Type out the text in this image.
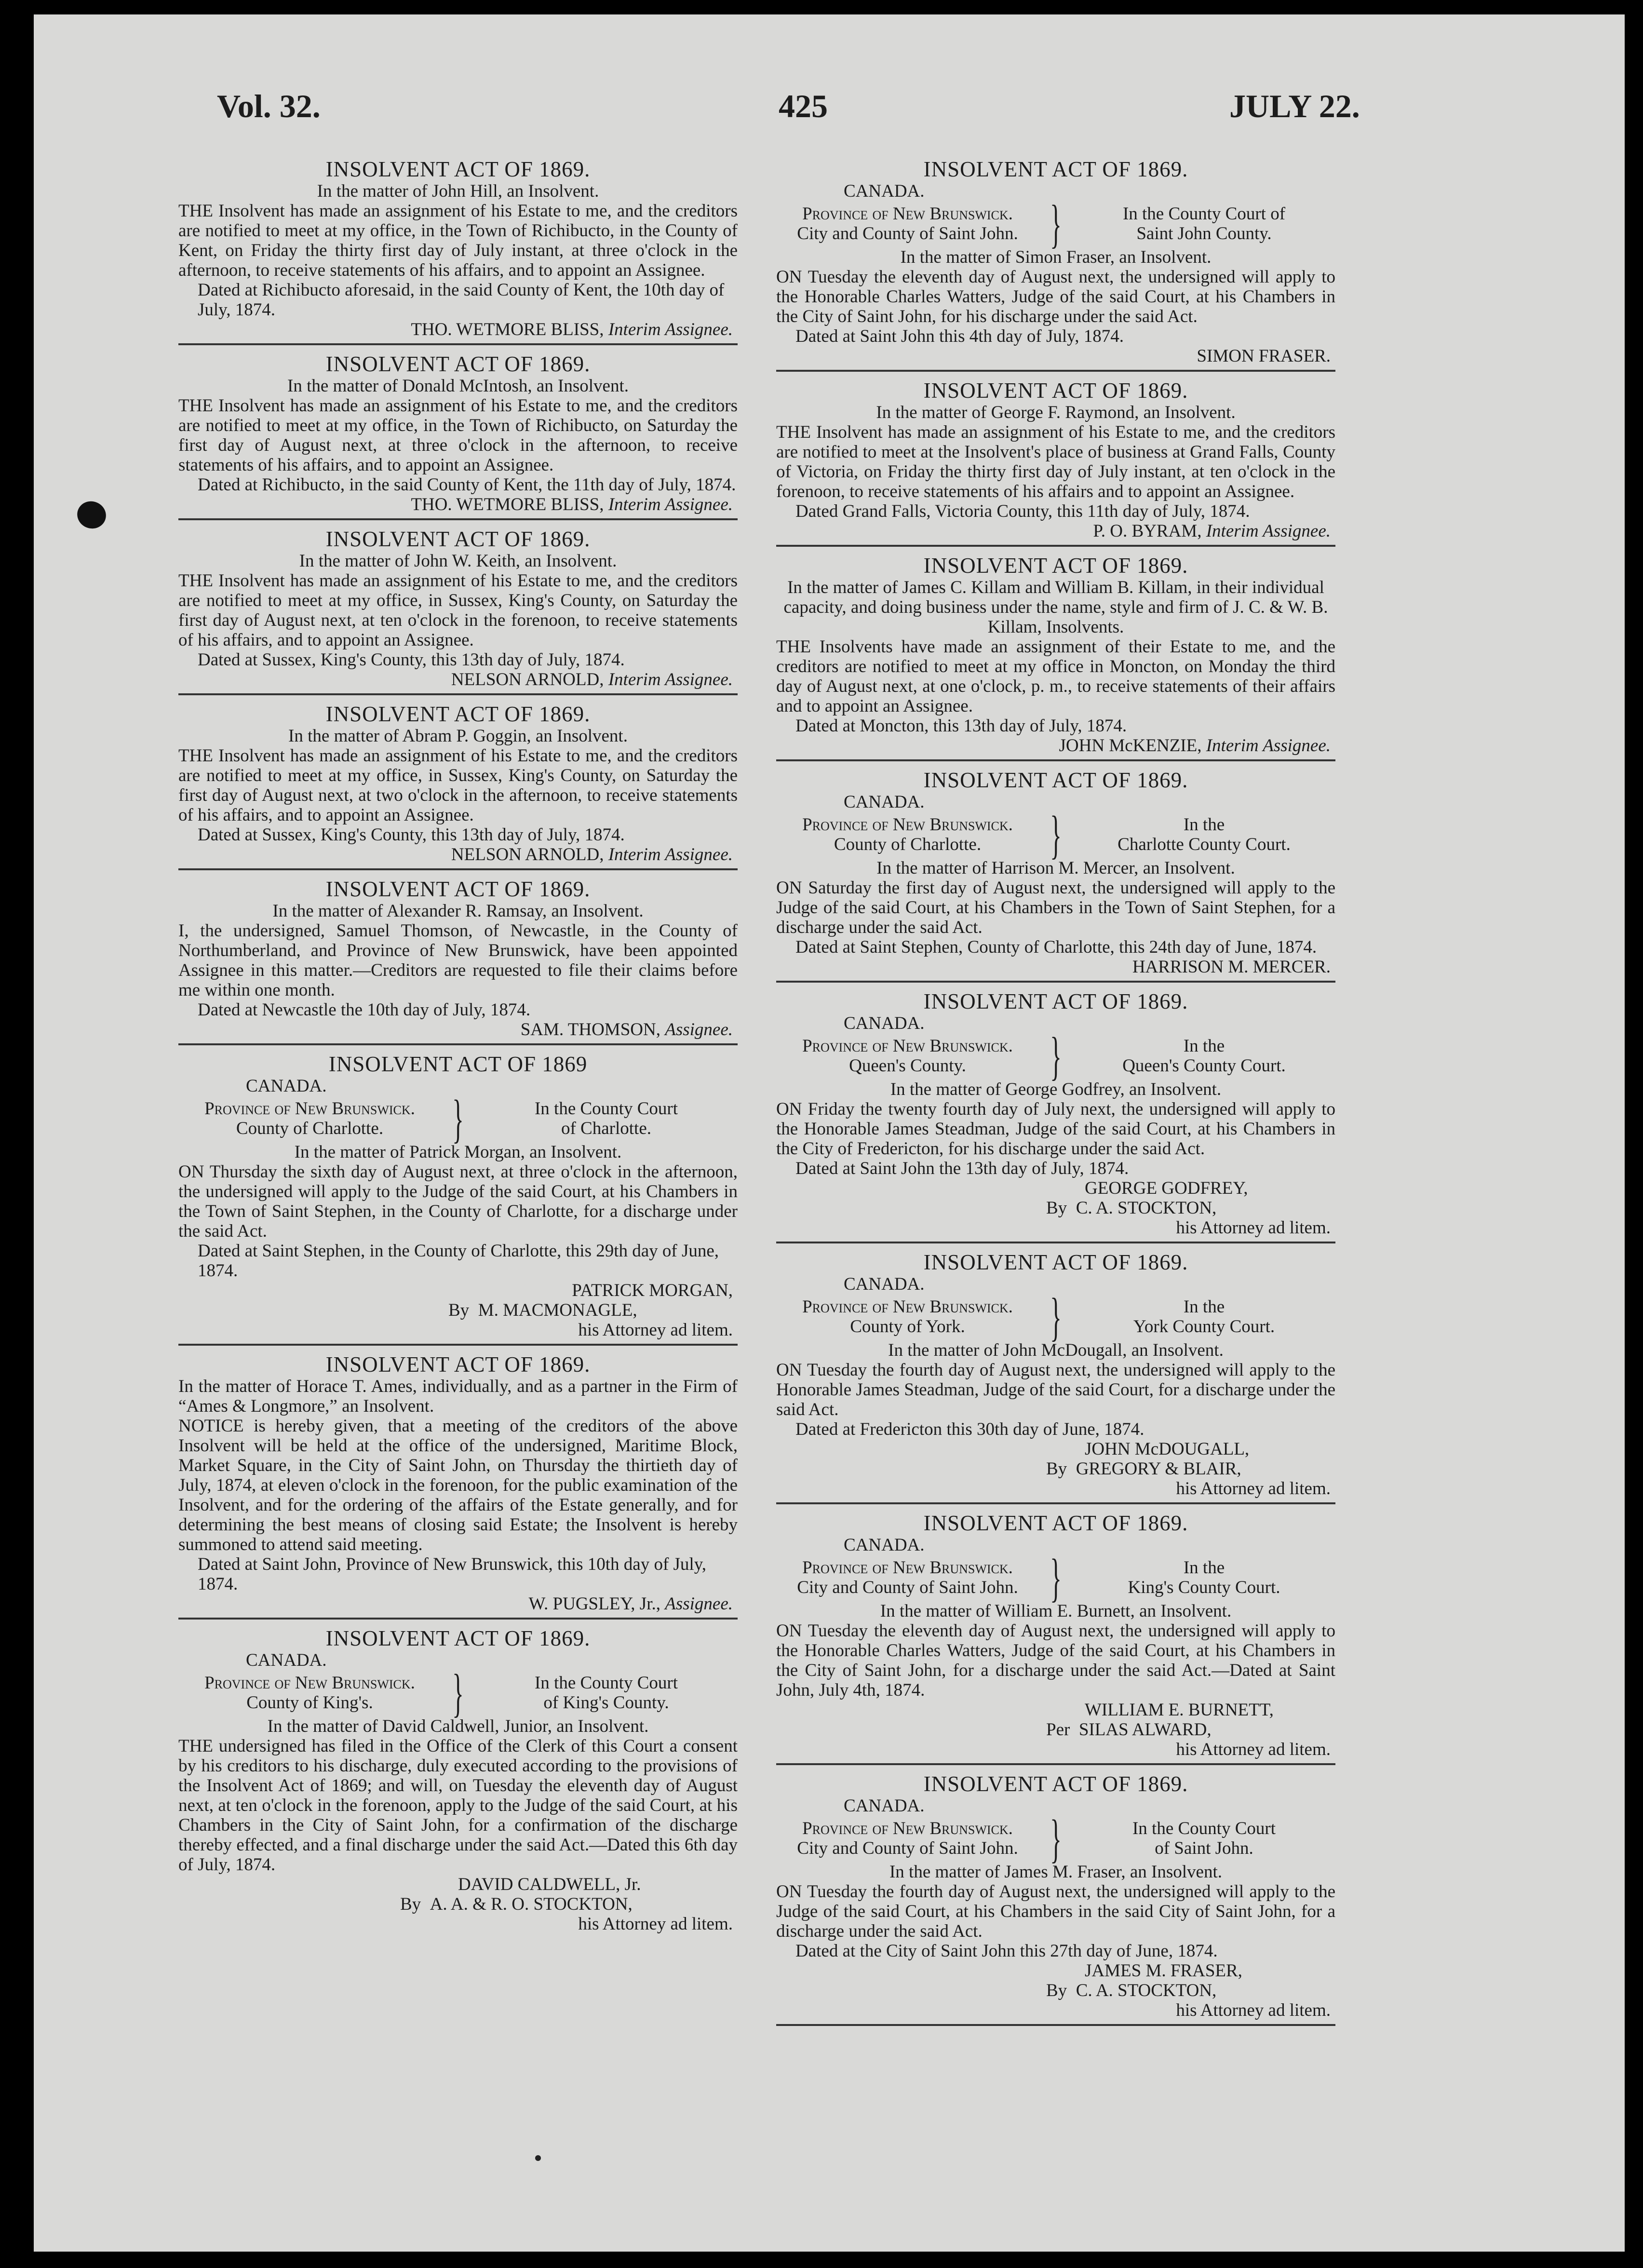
Vol. 32.	425	JULY 22.
INSOLVENT ACT OF 1869.
In the matter of John Hill, an Insolvent.
THE Insolvent has made an assignment of his Estate to me, and the creditors are notified to meet at my office, in the Town of Richibucto, in the County of Kent, on Friday the thirty first day of July instant, at three o'clock in the afternoon, to receive statements of his affairs, and to appoint an Assignee.
Dated at Richibucto aforesaid, in the said County of Kent, the 10th day of July, 1874.
THO. WETMORE BLISS, Interim Assignee.
INSOLVENT ACT OF 1869.
In the matter of Donald McIntosh, an Insolvent.
THE Insolvent has made an assignment of his Estate to me, and the creditors are notified to meet at my office, in the Town of Richibucto, on Saturday the first day of August next, at three o'clock in the afternoon, to receive statements of his affairs, and to appoint an Assignee.
Dated at Richibucto, in the said County of Kent, the 11th day of July, 1874.
THO. WETMORE BLISS, Interim Assignee.
INSOLVENT ACT OF 1869.
In the matter of John W. Keith, an Insolvent.
THE Insolvent has made an assignment of his Estate to me, and the creditors are notified to meet at my office, in Sussex, King's County, on Saturday the first day of August next, at ten o'clock in the forenoon, to receive statements of his affairs, and to appoint an Assignee.
Dated at Sussex, King's County, this 13th day of July, 1874.
NELSON ARNOLD, Interim Assignee.
INSOLVENT ACT OF 1869.
In the matter of Abram P. Goggin, an Insolvent.
THE Insolvent has made an assignment of his Estate to me, and the creditors are notified to meet at my office, in Sussex, King's County, on Saturday the first day of August next, at two o'clock in the afternoon, to receive statements of his affairs, and to appoint an Assignee.
Dated at Sussex, King's County, this 13th day of July, 1874.
NELSON ARNOLD, Interim Assignee.
INSOLVENT ACT OF 1869.
In the matter of Alexander R. Ramsay, an Insolvent.
I, the undersigned, Samuel Thomson, of Newcastle, in the County of Northumberland, and Province of New Brunswick, have been appointed Assignee in this matter.—Creditors are requested to file their claims before me within one month.
Dated at Newcastle the 10th day of July, 1874.
SAM. THOMSON, Assignee.
INSOLVENT ACT OF 1869
CANADA.
Province of New Brunswick.
County of Charlotte.	}	In the County Court
of Charlotte.
In the matter of Patrick Morgan, an Insolvent.
ON Thursday the sixth day of August next, at three o'clock in the afternoon, the undersigned will apply to the Judge of the said Court, at his Chambers in the Town of Saint Stephen, in the County of Charlotte, for a discharge under the said Act.
Dated at Saint Stephen, in the County of Charlotte, this 29th day of June, 1874.
PATRICK MORGAN,
By M. MACMONAGLE,
his Attorney ad litem.
INSOLVENT ACT OF 1869.
In the matter of Horace T. Ames, individually, and as a partner in the Firm of “Ames & Longmore,” an Insolvent.
NOTICE is hereby given, that a meeting of the creditors of the above Insolvent will be held at the office of the undersigned, Maritime Block, Market Square, in the City of Saint John, on Thursday the thirtieth day of July, 1874, at eleven o'clock in the forenoon, for the public examination of the Insolvent, and for the ordering of the affairs of the Estate generally, and for determining the best means of closing said Estate; the Insolvent is hereby summoned to attend said meeting.
Dated at Saint John, Province of New Brunswick, this 10th day of July, 1874.
W. PUGSLEY, Jr., Assignee.
INSOLVENT ACT OF 1869.
CANADA.
Province of New Brunswick.
County of King's.	}	In the County Court
of King's County.
In the matter of David Caldwell, Junior, an Insolvent.
THE undersigned has filed in the Office of the Clerk of this Court a consent by his creditors to his discharge, duly executed according to the provisions of the Insolvent Act of 1869; and will, on Tuesday the eleventh day of August next, at ten o'clock in the forenoon, apply to the Judge of the said Court, at his Chambers in the City of Saint John, for a confirmation of the discharge thereby effected, and a final discharge under the said Act.—Dated this 6th day of July, 1874.
DAVID CALDWELL, Jr.
By A. A. & R. O. STOCKTON,
his Attorney ad litem.
INSOLVENT ACT OF 1869.
CANADA.
Province of New Brunswick.
City and County of Saint John. }	In the County Court of
Saint John County.
In the matter of Simon Fraser, an Insolvent.
ON Tuesday the eleventh day of August next, the undersigned will apply to the Honorable Charles Watters, Judge of the said Court, at his Chambers in the City of Saint John, for his discharge under the said Act.
Dated at Saint John this 4th day of July, 1874.
SIMON FRASER.
INSOLVENT ACT OF 1869.
In the matter of George F. Raymond, an Insolvent.
THE Insolvent has made an assignment of his Estate to me, and the creditors are notified to meet at the Insolvent's place of business at Grand Falls, County of Victoria, on Friday the thirty first day of July instant, at ten o'clock in the forenoon, to receive statements of his affairs and to appoint an Assignee.
Dated Grand Falls, Victoria County, this 11th day of July, 1874.
P. O. BYRAM, Interim Assignee.
INSOLVENT ACT OF 1869.
In the matter of James C. Killam and William B. Killam, in their individual capacity, and doing business under the name, style and firm of J. C. & W. B. Killam, Insolvents.
THE Insolvents have made an assignment of their Estate to me, and the creditors are notified to meet at my office in Moncton, on Monday the third day of August next, at one o'clock, p. m., to receive statements of their affairs and to appoint an Assignee.
Dated at Moncton, this 13th day of July, 1874.
JOHN McKENZIE, Interim Assignee.
INSOLVENT ACT OF 1869.
CANADA.
Province of New Brunswick.
County of Charlotte.	}	In the
Charlotte County Court.
In the matter of Harrison M. Mercer, an Insolvent.
ON Saturday the first day of August next, the undersigned will apply to the Judge of the said Court, at his Chambers in the Town of Saint Stephen, for a discharge under the said Act.
Dated at Saint Stephen, County of Charlotte, this 24th day of June, 1874.
HARRISON M. MERCER.
INSOLVENT ACT OF 1869.
CANADA.
Province of New Brunswick.
Queen's County.	}	In the
Queen's County Court.
In the matter of George Godfrey, an Insolvent.
ON Friday the twenty fourth day of July next, the undersigned will apply to the Honorable James Steadman, Judge of the said Court, at his Chambers in the City of Fredericton, for his discharge under the said Act.
Dated at Saint John the 13th day of July, 1874.
GEORGE GODFREY,
By C. A. STOCKTON,
his Attorney ad litem.
INSOLVENT ACT OF 1869.
CANADA.
Province of New Brunswick.
County of York.	}	In the
York County Court.
In the matter of John McDougall, an Insolvent.
ON Tuesday the fourth day of August next, the undersigned will apply to the Honorable James Steadman, Judge of the said Court, for a discharge under the said Act.
Dated at Fredericton this 30th day of June, 1874.
JOHN McDOUGALL,
By GREGORY & BLAIR,
his Attorney ad litem.
INSOLVENT ACT OF 1869.
CANADA.
Province of New Brunswick.
City and County of Saint John. }	In the
King's County Court.
In the matter of William E. Burnett, an Insolvent.
ON Tuesday the eleventh day of August next, the undersigned will apply to the Honorable Charles Watters, Judge of the said Court, at his Chambers in the City of Saint John, for a discharge under the said Act.—Dated at Saint John, July 4th, 1874.
WILLIAM E. BURNETT,
Per SILAS ALWARD,
his Attorney ad litem.
INSOLVENT ACT OF 1869.
CANADA.
Province of New Brunswick.
City and County of Saint John. }	In the County Court
of Saint John.
In the matter of James M. Fraser, an Insolvent.
ON Tuesday the fourth day of August next, the undersigned will apply to the Judge of the said Court, at his Chambers in the said City of Saint John, for a discharge under the said Act.
Dated at the City of Saint John this 27th day of June, 1874.
JAMES M. FRASER,
By C. A. STOCKTON,
his Attorney ad litem.
